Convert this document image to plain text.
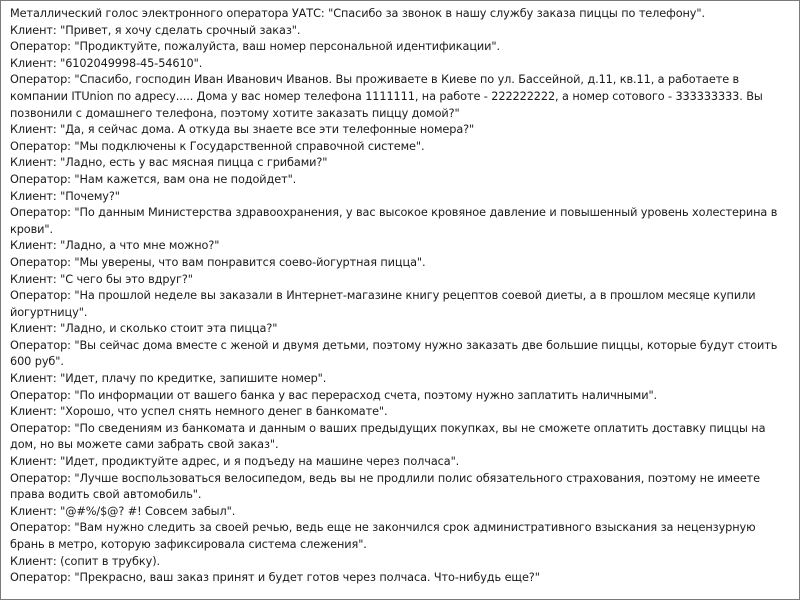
Металлический голос электронного оператора УАТС: "Спасибо за звонок в нашу службу заказа пиццы по телефону".
Клиент: "Привет, я хочу сделать срочный заказ".
Оператор: "Продиктуйте, пожалуйста, ваш номер персональной идентификации".
Клиент: "6102049998-45-54610".
Оператор: "Спасибо, господин Иван Иванович Иванов. Вы проживаете в Киеве по ул. Бассейной, д.11, кв.11, а работаете в компании ITUnion по адресу..... Дома у вас номер телефона 1111111, на работе - 222222222, а номер сотового - 333333333. Вы позвонили с домашнего телефона, поэтому хотите заказать пиццу домой?"
Клиент: "Да, я сейчас дома. А откуда вы знаете все эти телефонные номера?"
Оператор: "Мы подключены к Государственной справочной системе".
Клиент: "Ладно, есть у вас мясная пицца с грибами?"
Оператор: "Нам кажется, вам она не подойдет".
Клиент: "Почему?"
Оператор: "По данным Министерства здравоохранения, у вас высокое кровяное давление и повышенный уровень холестерина в крови".
Клиент: "Ладно, а что мне можно?"
Оператор: "Мы уверены, что вам понравится соево-йогуртная пицца".
Клиент: "С чего бы это вдруг?"
Оператор: "На прошлой неделе вы заказали в Интернет-магазине книгу рецептов соевой диеты, а в прошлом месяце купили йогуртницу".
Клиент: "Ладно, и сколько стоит эта пицца?"
Оператор: "Вы сейчас дома вместе с женой и двумя детьми, поэтому нужно заказать две большие пиццы, которые будут стоить 600 руб".
Клиент: "Идет, плачу по кредитке, запишите номер".
Оператор: "По информации от вашего банка у вас перерасход счета, поэтому нужно заплатить наличными".
Клиент: "Хорошо, что успел снять немного денег в банкомате".
Оператор: "По сведениям из банкомата и данным о ваших предыдущих покупках, вы не сможете оплатить доставку пиццы на дом, но вы можете сами забрать свой заказ".
Клиент: "Идет, продиктуйте адрес, и я подъеду на машине через полчаса".
Оператор: "Лучше воспользоваться велосипедом, ведь вы не продлили полис обязательного страхования, поэтому не имеете права водить свой автомобиль".
Клиент: "@#%/$@? #! Совсем забыл".
Оператор: "Вам нужно следить за своей речью, ведь еще не закончился срок административного взыскания за нецензурную брань в метро, которую зафиксировала система слежения".
Клиент: (сопит в трубку).
Оператор: "Прекрасно, ваш заказ принят и будет готов через полчаса. Что-нибудь еще?"
